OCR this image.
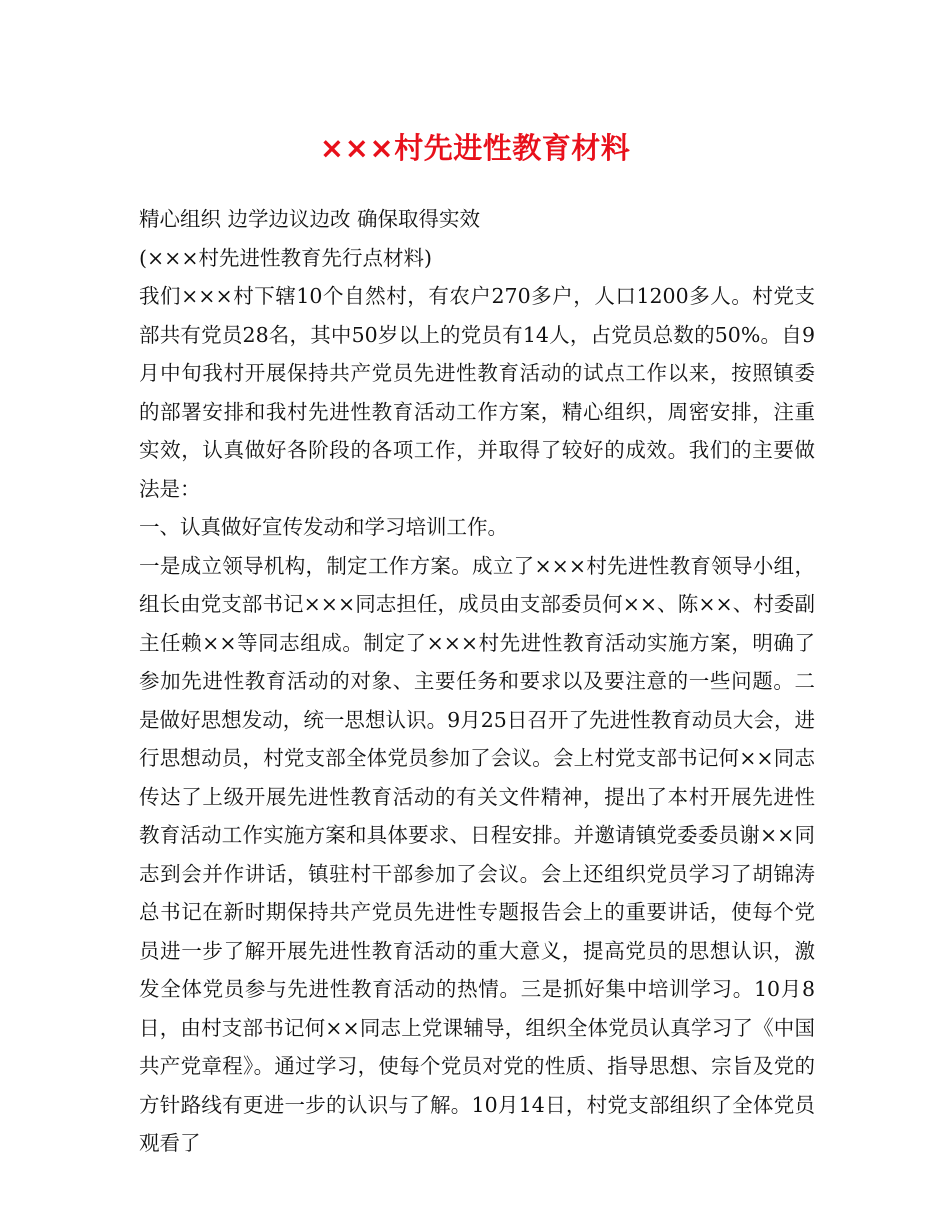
×××村先进性教育材料

精心组织 边学边议边改 确保取得实效

(×××村先进性教育先行点材料)

我们×××村下辖10个自然村，有农户270多户，人口1200多人。村党支部共有党员28名，其中50岁以上的党员有14人，占党员总数的50%。自9月中旬我村开展保持共产党员先进性教育活动的试点工作以来，按照镇委的部署安排和我村先进性教育活动工作方案，精心组织，周密安排，注重实效，认真做好各阶段的各项工作，并取得了较好的成效。我们的主要做法是：

一、认真做好宣传发动和学习培训工作。

一是成立领导机构，制定工作方案。成立了×××村先进性教育领导小组，组长由党支部书记×××同志担任，成员由支部委员何××、陈××、村委副主任赖××等同志组成。制定了×××村先进性教育活动实施方案，明确了参加先进性教育活动的对象、主要任务和要求以及要注意的一些问题。二是做好思想发动，统一思想认识。9月25日召开了先进性教育动员大会，进行思想动员，村党支部全体党员参加了会议。会上村党支部书记何××同志传达了上级开展先进性教育活动的有关文件精神，提出了本村开展先进性教育活动工作实施方案和具体要求、日程安排。并邀请镇党委委员谢××同志到会并作讲话，镇驻村干部参加了会议。会上还组织党员学习了胡锦涛总书记在新时期保持共产党员先进性专题报告会上的重要讲话，使每个党员进一步了解开展先进性教育活动的重大意义，提高党员的思想认识，激发全体党员参与先进性教育活动的热情。三是抓好集中培训学习。10月8日，由村支部书记何××同志上党课辅导，组织全体党员认真学习了《中国共产党章程》。通过学习，使每个党员对党的性质、指导思想、宗旨及党的方针路线有更进一步的认识与了解。10月14日，村党支部组织了全体党员观看了
